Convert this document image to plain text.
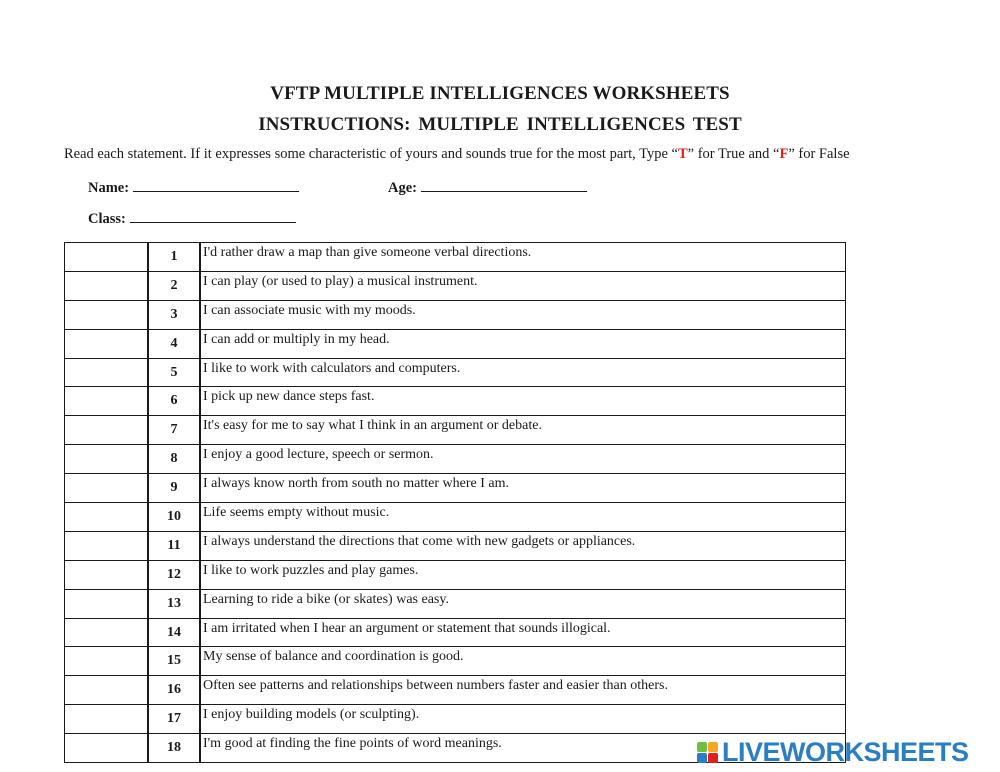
VFTP MULTIPLE INTELLIGENCES WORKSHEETS
INSTRUCTIONS: MULTIPLE INTELLIGENCES TEST
Read each statement. If it expresses some characteristic of yours and sounds true for the most part, Type “T” for True and “F” for False
Name:	Age:
Class:
	1	I'd rather draw a map than give someone verbal directions.
	2	I can play (or used to play) a musical instrument.
	3	I can associate music with my moods.
	4	I can add or multiply in my head.
	5	I like to work with calculators and computers.
	6	I pick up new dance steps fast.
	7	It's easy for me to say what I think in an argument or debate.
	8	I enjoy a good lecture, speech or sermon.
	9	I always know north from south no matter where I am.
	10	Life seems empty without music.
	11	I always understand the directions that come with new gadgets or appliances.
	12	I like to work puzzles and play games.
	13	Learning to ride a bike (or skates) was easy.
	14	I am irritated when I hear an argument or statement that sounds illogical.
	15	My sense of balance and coordination is good.
	16	Often see patterns and relationships between numbers faster and easier than others.
	17	I enjoy building models (or sculpting).
	18	I'm good at finding the fine points of word meanings.	LIVEWORKSHEETS
